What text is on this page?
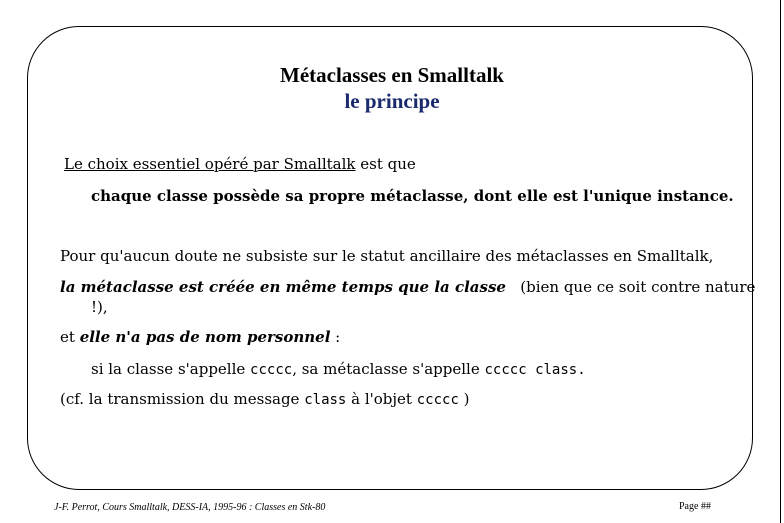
Métaclasses en Smalltalk
le principe
Le choix essentiel opéré par Smalltalk est que
chaque classe possède sa propre métaclasse, dont elle est l'unique instance.
Pour qu'aucun doute ne subsiste sur le statut ancillaire des métaclasses en Smalltalk,
la métaclasse est créée en même temps que la classe   (bien que ce soit contre nature
!),
et elle n'a pas de nom personnel :
si la classe s'appelle ccccc, sa métaclasse s'appelle ccccc class.
(cf. la transmission du message class à l'objet ccccc )
J-F. Perrot, Cours Smalltalk, DESS-IA, 1995-96 : Classes en Stk-80	Page ##
